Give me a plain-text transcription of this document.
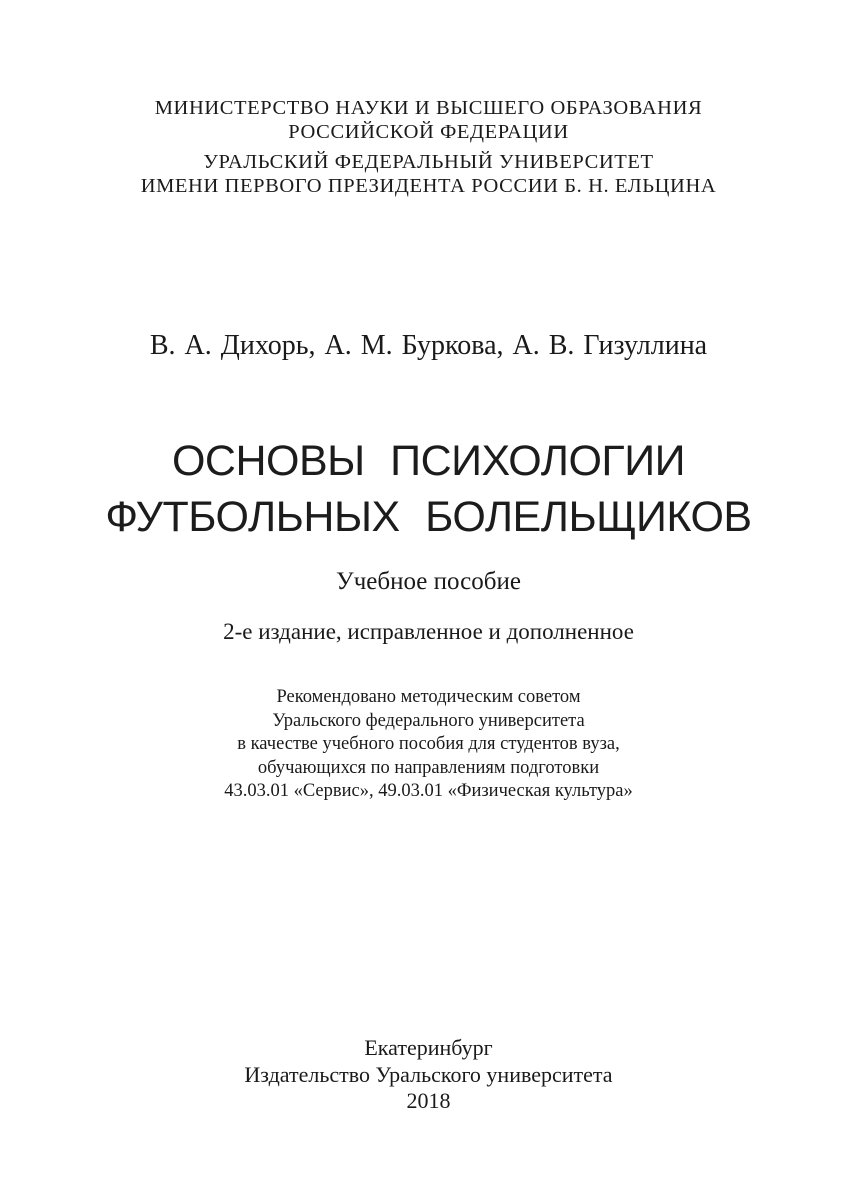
МИНИСТЕРСТВО НАУКИ И ВЫСШЕГО ОБРАЗОВАНИЯ
РОССИЙСКОЙ ФЕДЕРАЦИИ
УРАЛЬСКИЙ ФЕДЕРАЛЬНЫЙ УНИВЕРСИТЕТ
ИМЕНИ ПЕРВОГО ПРЕЗИДЕНТА РОССИИ Б. Н. ЕЛЬЦИНА
В. А. Дихорь, А. М. Буркова, А. В. Гизуллина
ОСНОВЫ ПСИХОЛОГИИ
ФУТБОЛЬНЫХ БОЛЕЛЬЩИКОВ
Учебное пособие
2-е издание, исправленное и дополненное
Рекомендовано методическим советом
Уральского федерального университета
в качестве учебного пособия для студентов вуза,
обучающихся по направлениям подготовки
43.03.01 «Сервис», 49.03.01 «Физическая культура»
Екатеринбург
Издательство Уральского университета
2018
